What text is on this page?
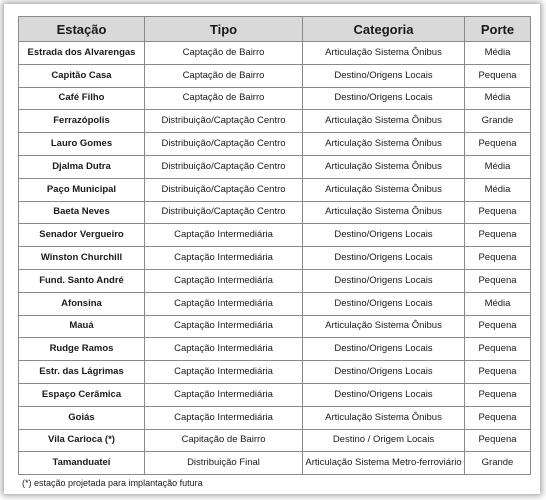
Estação	Tipo	Categoria	Porte
Estrada dos Alvarengas	Captação de Bairro	Articulação Sistema Ônibus	Média
Capitão Casa	Captação de Bairro	Destino/Origens Locais	Pequena
Café Filho	Captação de Bairro	Destino/Origens Locais	Média
Ferrazópolis	Distribuição/Captação Centro	Articulação Sistema Ônibus	Grande
Lauro Gomes	Distribuição/Captação Centro	Articulação Sistema Ônibus	Pequena
Djalma Dutra	Distribuição/Captação Centro	Articulação Sistema Ônibus	Média
Paço Municipal	Distribuição/Captação Centro	Articulação Sistema Ônibus	Média
Baeta Neves	Distribuição/Captação Centro	Articulação Sistema Ônibus	Pequena
Senador Vergueiro	Captação Intermediária	Destino/Origens Locais	Pequena
Winston Churchill	Captação Intermediária	Destino/Origens Locais	Pequena
Fund. Santo André	Captação Intermediária	Destino/Origens Locais	Pequena
Afonsina	Captação Intermediária	Destino/Origens Locais	Média
Mauá	Captação Intermediária	Articulação Sistema Ônibus	Pequena
Rudge Ramos	Captação Intermediária	Destino/Origens Locais	Pequena
Estr. das Lágrimas	Captação Intermediária	Destino/Origens Locais	Pequena
Espaço Cerâmica	Captação Intermediária	Destino/Origens Locais	Pequena
Goiás	Captação Intermediária	Articulação Sistema Ônibus	Pequena
Vila Carioca (*)	Capitação de Bairro	Destino / Origem Locais	Pequena
Tamanduateí	Distribuição Final	Articulação Sistema Metro-ferroviário	Grande
(*) estação projetada para implantação futura
